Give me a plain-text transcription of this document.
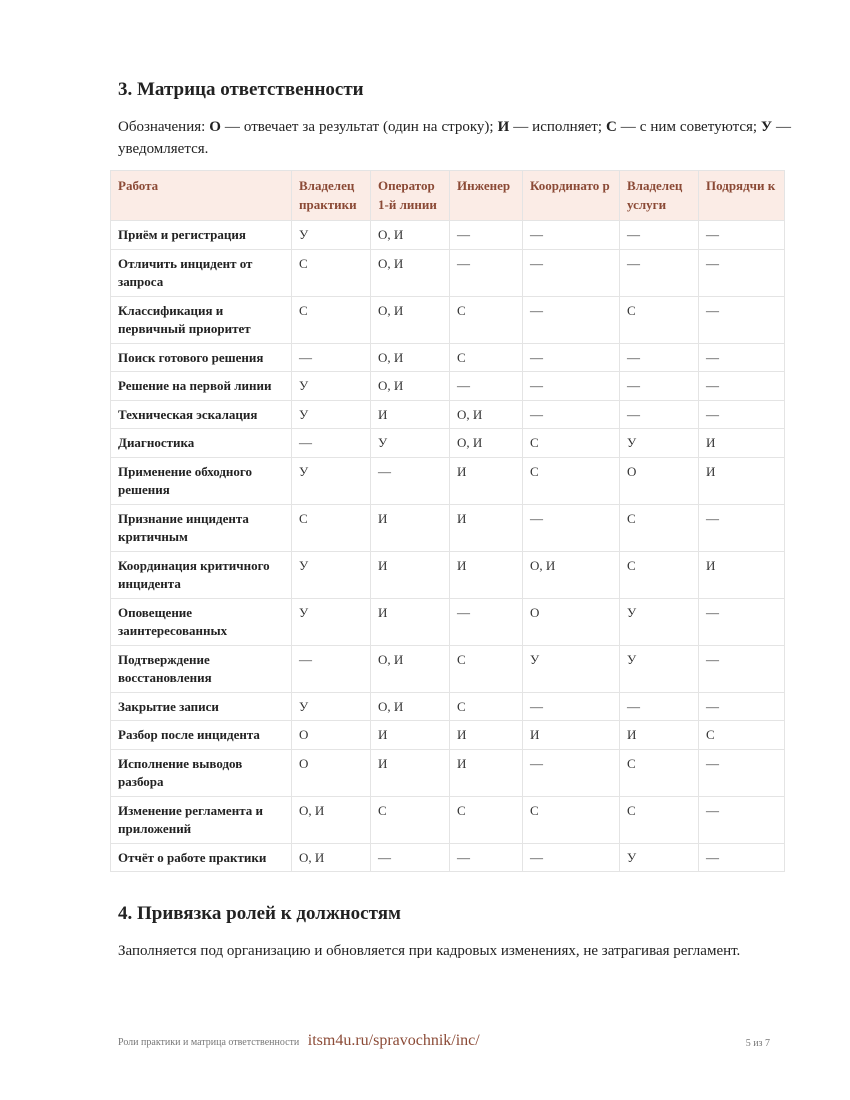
3. Матрица ответственности
Обозначения: О — отвечает за результат (один на строку); И — исполняет; С — с ним советуются; У — уведомляется.
Работа	Владелец практики	Оператор 1-й линии	Инженер	Координато р	Владелец услуги	Подрядчи к
Приём и регистрация	У	О, И	—	—	—	—
Отличить инцидент от запроса	С	О, И	—	—	—	—
Классификация и первичный приоритет	С	О, И	С	—	С	—
Поиск готового решения	—	О, И	С	—	—	—
Решение на первой линии	У	О, И	—	—	—	—
Техническая эскалация	У	И	О, И	—	—	—
Диагностика	—	У	О, И	С	У	И
Применение обходного решения	У	—	И	С	О	И
Признание инцидента критичным	С	И	И	—	С	—
Координация критичного инцидента	У	И	И	О, И	С	И
Оповещение заинтересованных	У	И	—	О	У	—
Подтверждение восстановления	—	О, И	С	У	У	—
Закрытие записи	У	О, И	С	—	—	—
Разбор после инцидента	О	И	И	И	И	С
Исполнение выводов разбора	О	И	И	—	С	—
Изменение регламента и приложений	О, И	С	С	С	С	—
Отчёт о работе практики	О, И	—	—	—	У	—
4. Привязка ролей к должностям

Заполняется под организацию и обновляется при кадровых изменениях, не затрагивая регламент.

Роли практики и матрица ответственности itsm4u.ru/spravochnik/inc/	5 из 7
